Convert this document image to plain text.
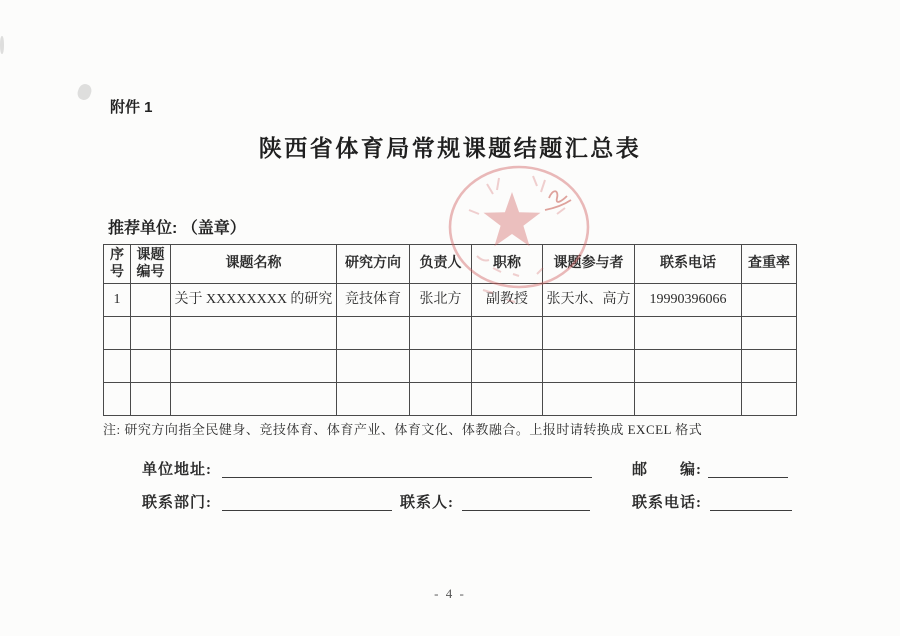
附件 1
陕西省体育局常规课题结题汇总表
推荐单位: （盖章）
序号	课题编号	课题名称	研究方向	负责人	职称	课题参与者	联系电话	查重率
1		关于 XXXXXXXX 的研究	竞技体育	张北方	副教授	张天水、高方	19990396066	

注: 研究方向指全民健身、竞技体育、体育产业、体育文化、体教融合。上报时请转换成 EXCEL 格式
单位地址:	邮　　编:
联系部门:	联系人:	联系电话:
- 4 -
